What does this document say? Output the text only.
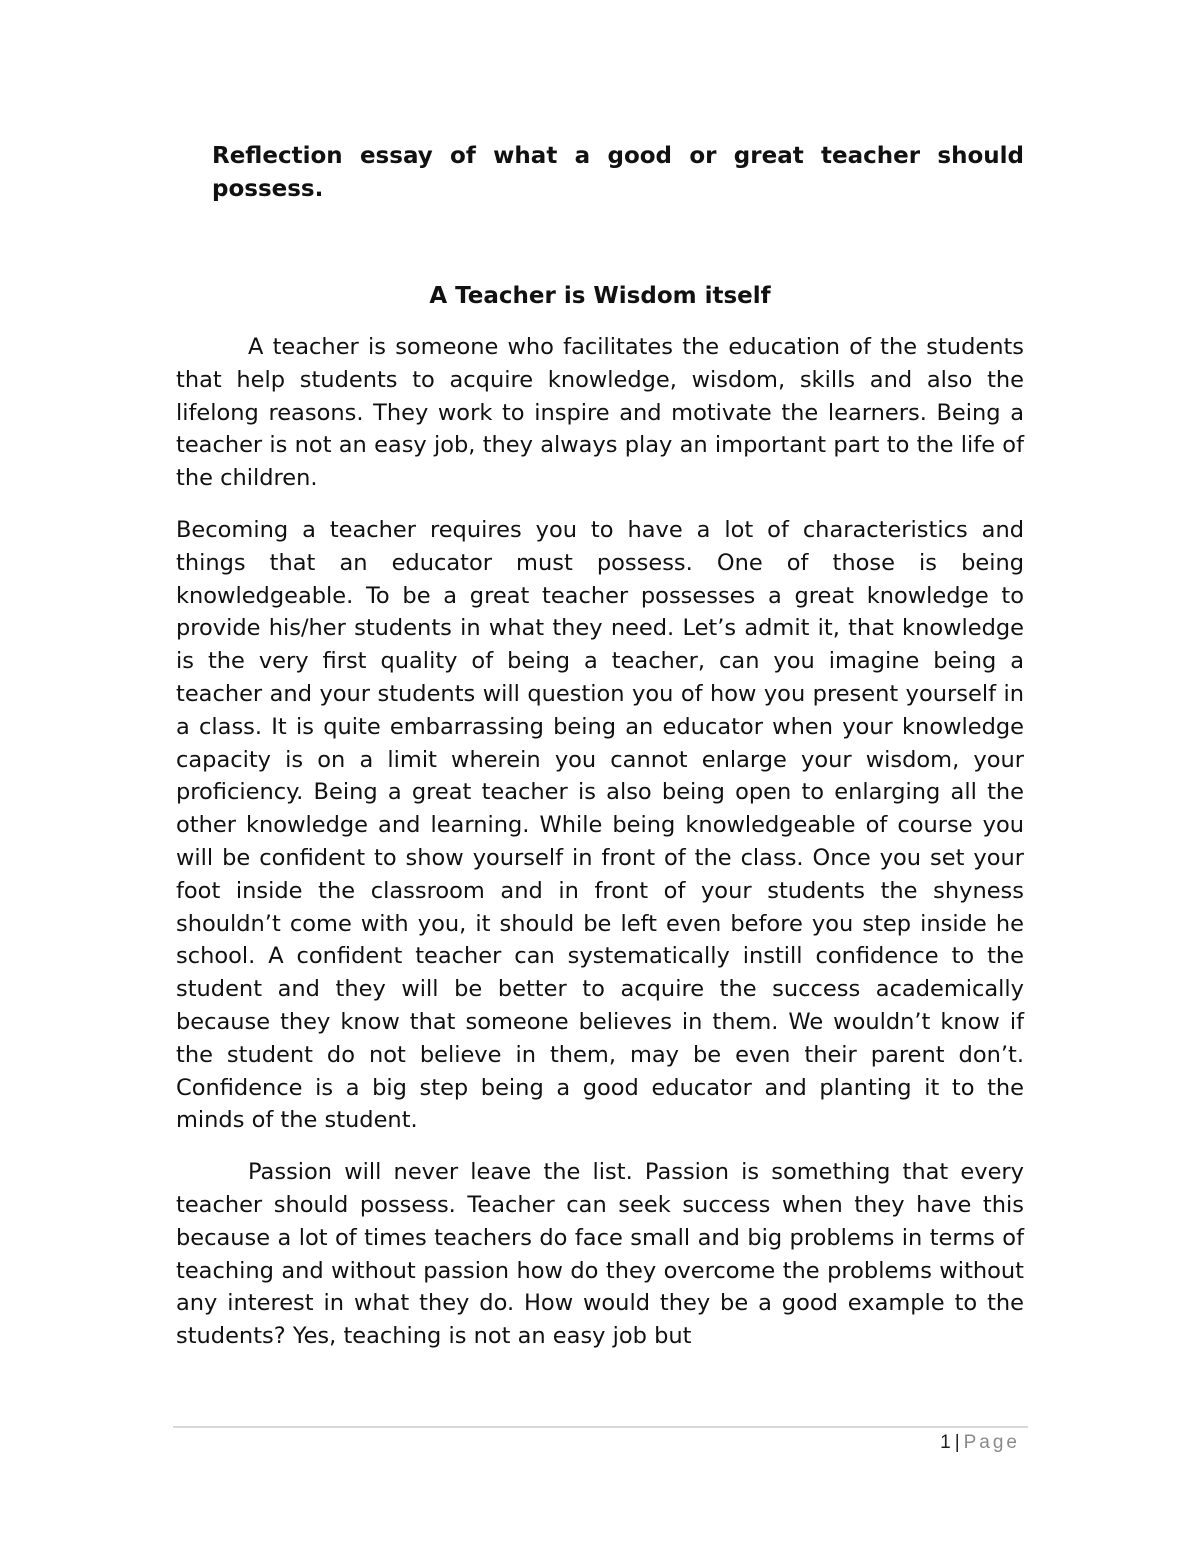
Reflection essay of what a good or great teacher should possess.
A Teacher is Wisdom itself

A teacher is someone who facilitates the education of the students that help students to acquire knowledge, wisdom, skills and also the lifelong reasons. They work to inspire and motivate the learners. Being a teacher is not an easy job, they always play an important part to the life of the children.

Becoming a teacher requires you to have a lot of characteristics and things that an educator must possess. One of those is being knowledgeable. To be a great teacher possesses a great knowledge to provide his/her students in what they need. Let’s admit it, that knowledge is the very first quality of being a teacher, can you imagine being a teacher and your students will question you of how you present yourself in a class. It is quite embarrassing being an educator when your knowledge capacity is on a limit wherein you cannot enlarge your wisdom, your proficiency. Being a great teacher is also being open to enlarging all the other knowledge and learning. While being knowledgeable of course you will be confident to show yourself in front of the class. Once you set your foot inside the classroom and in front of your students the shyness shouldn’t come with you, it should be left even before you step inside he school. A confident teacher can systematically instill confidence to the student and they will be better to acquire the success academically because they know that someone believes in them. We wouldn’t know if the student do not believe in them, may be even their parent don’t. Confidence is a big step being a good educator and planting it to the minds of the student.

Passion will never leave the list. Passion is something that every teacher should possess. Teacher can seek success when they have this because a lot of times teachers do face small and big problems in terms of teaching and without passion how do they overcome the problems without any interest in what they do. How would they be a good example to the students? Yes, teaching is not an easy job but

1 | Page
